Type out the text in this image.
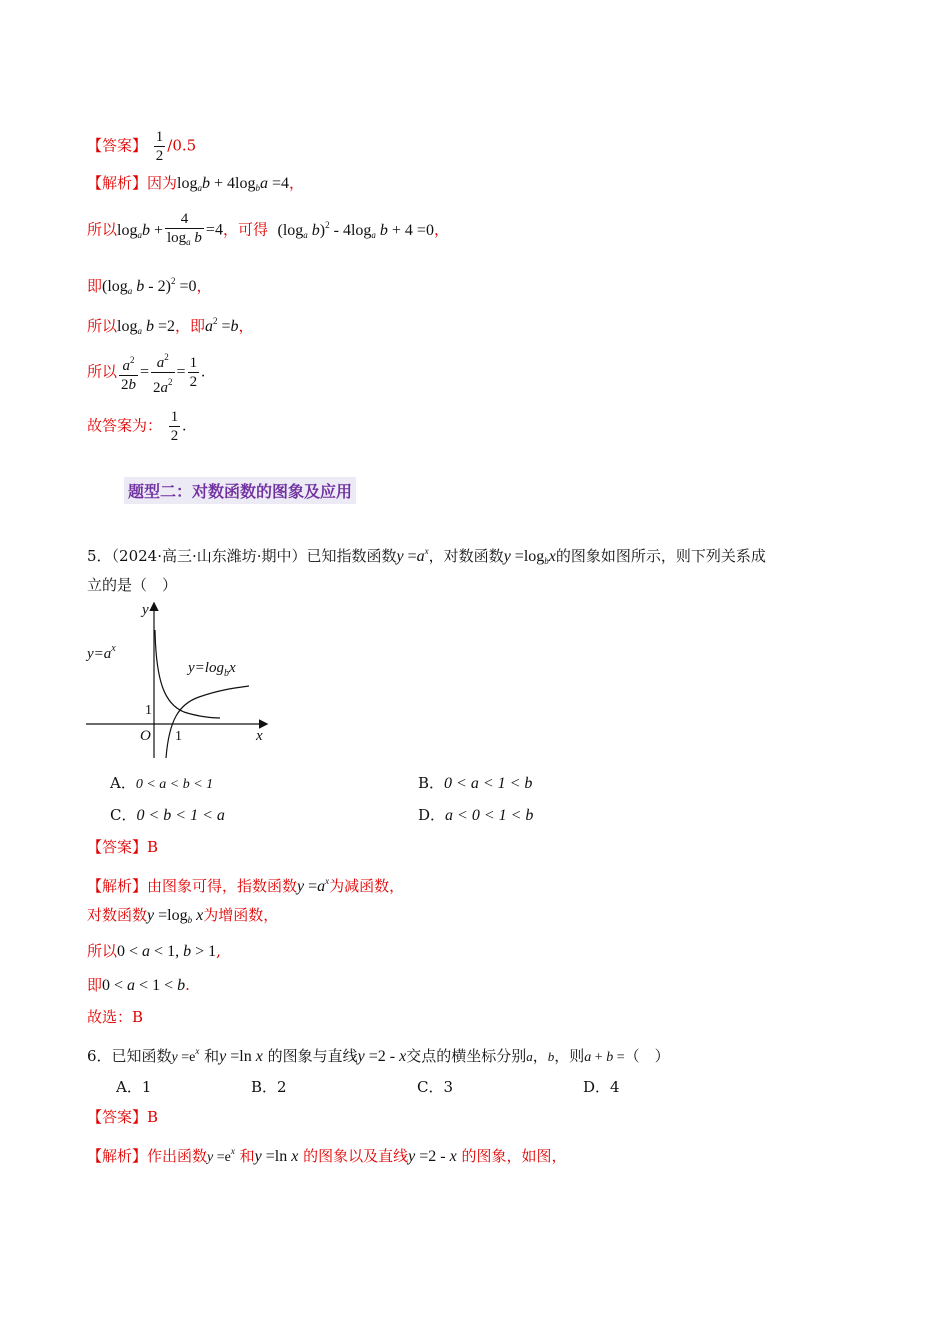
【答案】 $\frac{1}{2} /0.5$
【解析】因为$\log_ab + 4\log_ba =4$，
所以$\log_ab + \frac{4}{\log_a b} =4$，可得 ($\log_a$ $b)^2 - 4\log_a$ b + 4 =0，
即($\log_a$ b - 2)$^2$ =0，
所以$\log_a b =2$，即$a^2 =b$，
所以 $\frac{a^2}{2b} = \frac{a^2}{2a^2} = \frac{1}{2}$ .
故答案为： $\frac{1}{2}$ .
题型二：对数函数的图象及应用
5．（2024·高三·山东潍坊·期中）已知指数函数$y =a^x$，对数函数$y =\log_bx$的图象如图所示，则下列关系成
立的是（　）
y
x
O 1
1
$y=a^x$
$y=\log_bx$
A．0 < a < b < 1	B．0 < a < 1 < b
C．0 < b < 1 < a	D．a < 0 < 1 < b
【答案】B
【解析】由图象可得，指数函数$y =a^x$为减函数，
对数函数$y =\log_b$ x为增函数，
所以0 < a < 1, b > 1,
即0 < a < 1 < b.
故选：B
6．已知函数$y =e^x$ 和y =ln x 的图象与直线y =2 - x交点的横坐标分别a，b，则a + b =（　）
A．1	B．2	C．3	D．4
【答案】B
【解析】作出函数$y =e^x$ 和y =ln x 的图象以及直线y =2 - x 的图象，如图，
